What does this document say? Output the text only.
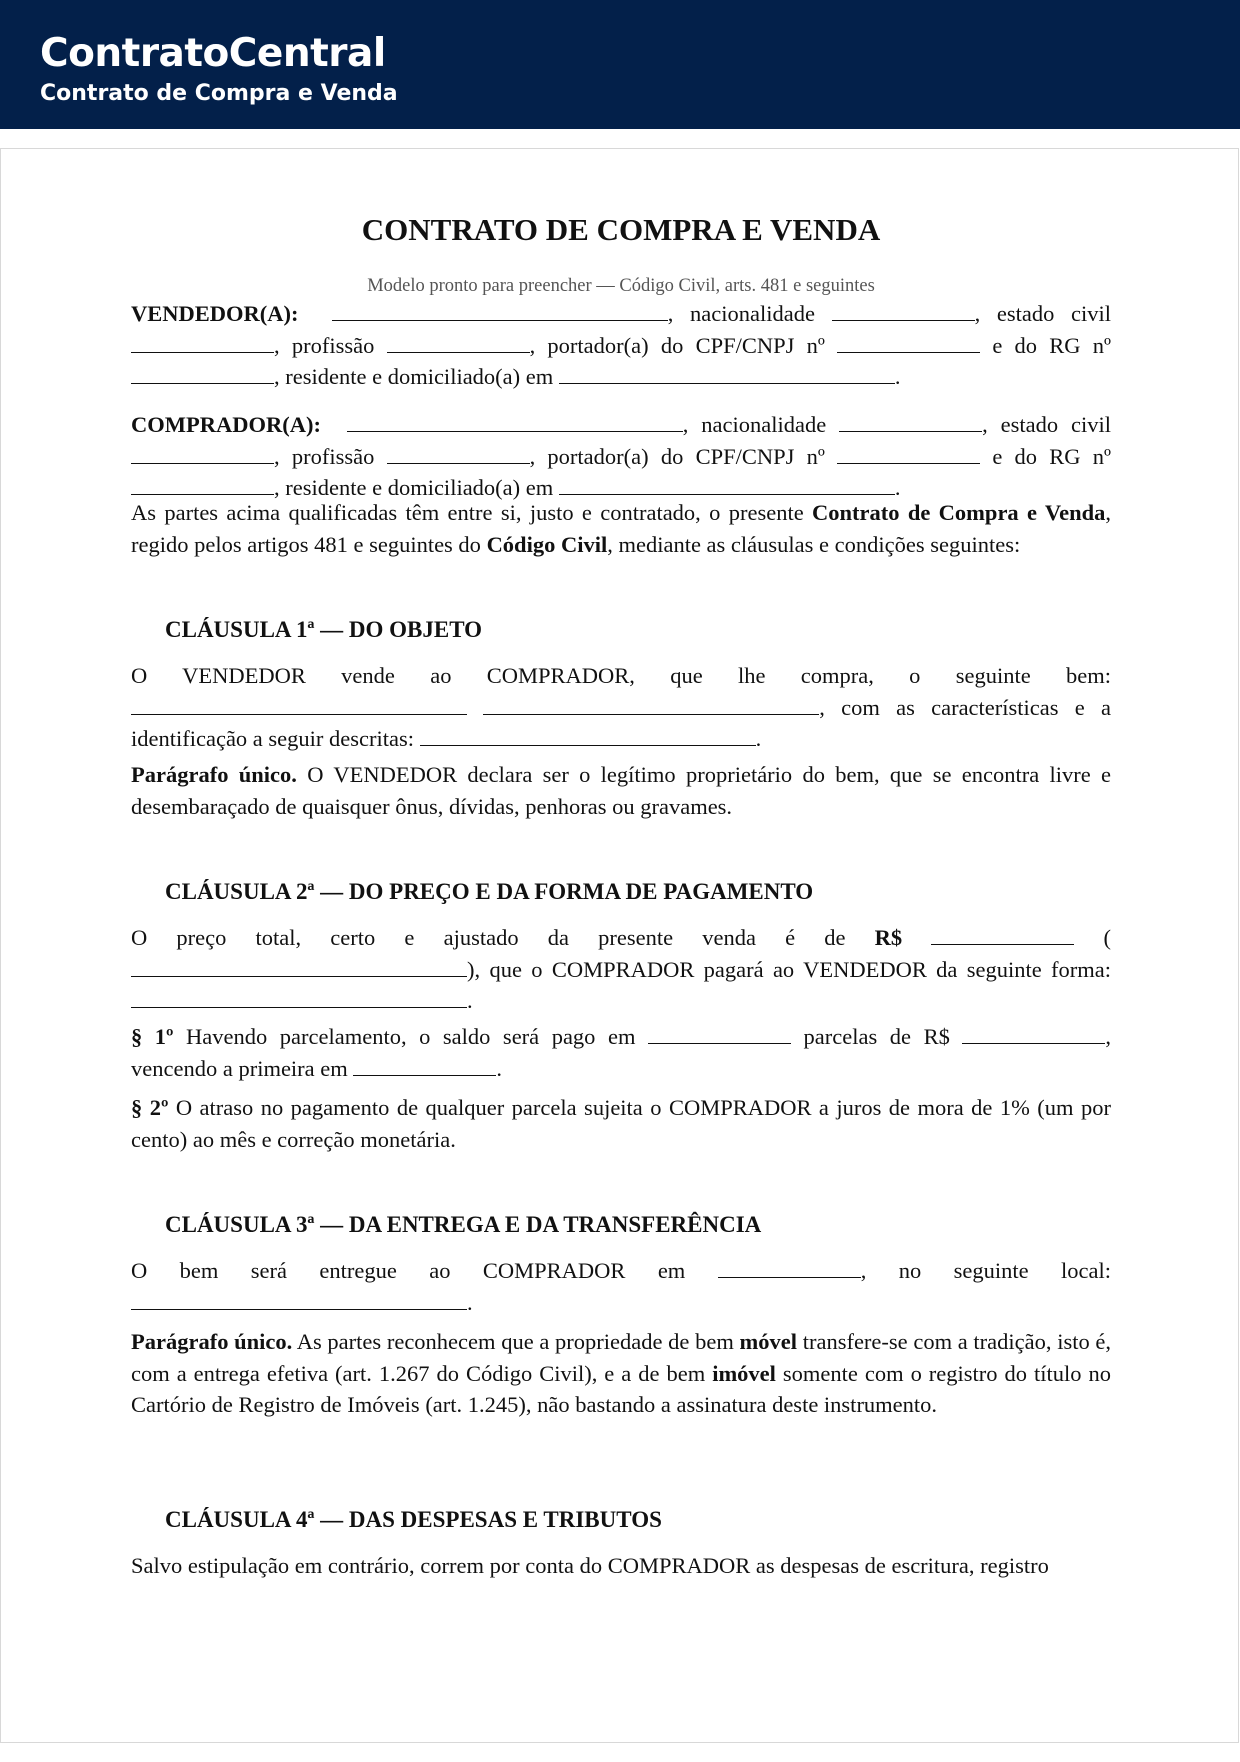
ContratoCentral
Contrato de Compra e Venda
CONTRATO DE COMPRA E VENDA

Modelo pronto para preencher — Código Civil, arts. 481 e seguintes

VENDEDOR(A):	, nacionalidade	, estado civil , profissão	, portador(a) do CPF/CNPJ nº	e do RG nº , residente e domiciliado(a) em	.

COMPRADOR(A):	, nacionalidade	, estado civil , profissão	, portador(a) do CPF/CNPJ nº	e do RG nº , residente e domiciliado(a) em	.

As partes acima qualificadas têm entre si, justo e contratado, o presente Contrato de Compra e Venda, regido pelos artigos 481 e seguintes do Código Civil, mediante as cláusulas e condições seguintes:

CLÁUSULA 1ª — DO OBJETO

O VENDEDOR vende ao COMPRADOR, que lhe compra, o seguinte bem:  , com as características e a identificação a seguir descritas:	.

Parágrafo único. O VENDEDOR declara ser o legítimo proprietário do bem, que se encontra livre e desembaraçado de quaisquer ônus, dívidas, penhoras ou gravames.

CLÁUSULA 2ª — DO PREÇO E DA FORMA DE PAGAMENTO

O preço total, certo e ajustado da presente venda é de R$	(), que o COMPRADOR pagará ao VENDEDOR da seguinte forma: .

§ 1º Havendo parcelamento, o saldo será pago em	parcelas de R$	, vencendo a primeira em	.

§ 2º O atraso no pagamento de qualquer parcela sujeita o COMPRADOR a juros de mora de 1% (um por cento) ao mês e correção monetária.

CLÁUSULA 3ª — DA ENTREGA E DA TRANSFERÊNCIA

O bem será entregue ao COMPRADOR em	, no seguinte local: .

Parágrafo único. As partes reconhecem que a propriedade de bem móvel transfere-se com a tradição, isto é, com a entrega efetiva (art. 1.267 do Código Civil), e a de bem imóvel somente com o registro do título no Cartório de Registro de Imóveis (art. 1.245), não bastando a assinatura deste instrumento.

CLÁUSULA 4ª — DAS DESPESAS E TRIBUTOS

Salvo estipulação em contrário, correm por conta do COMPRADOR as despesas de escritura, registro
